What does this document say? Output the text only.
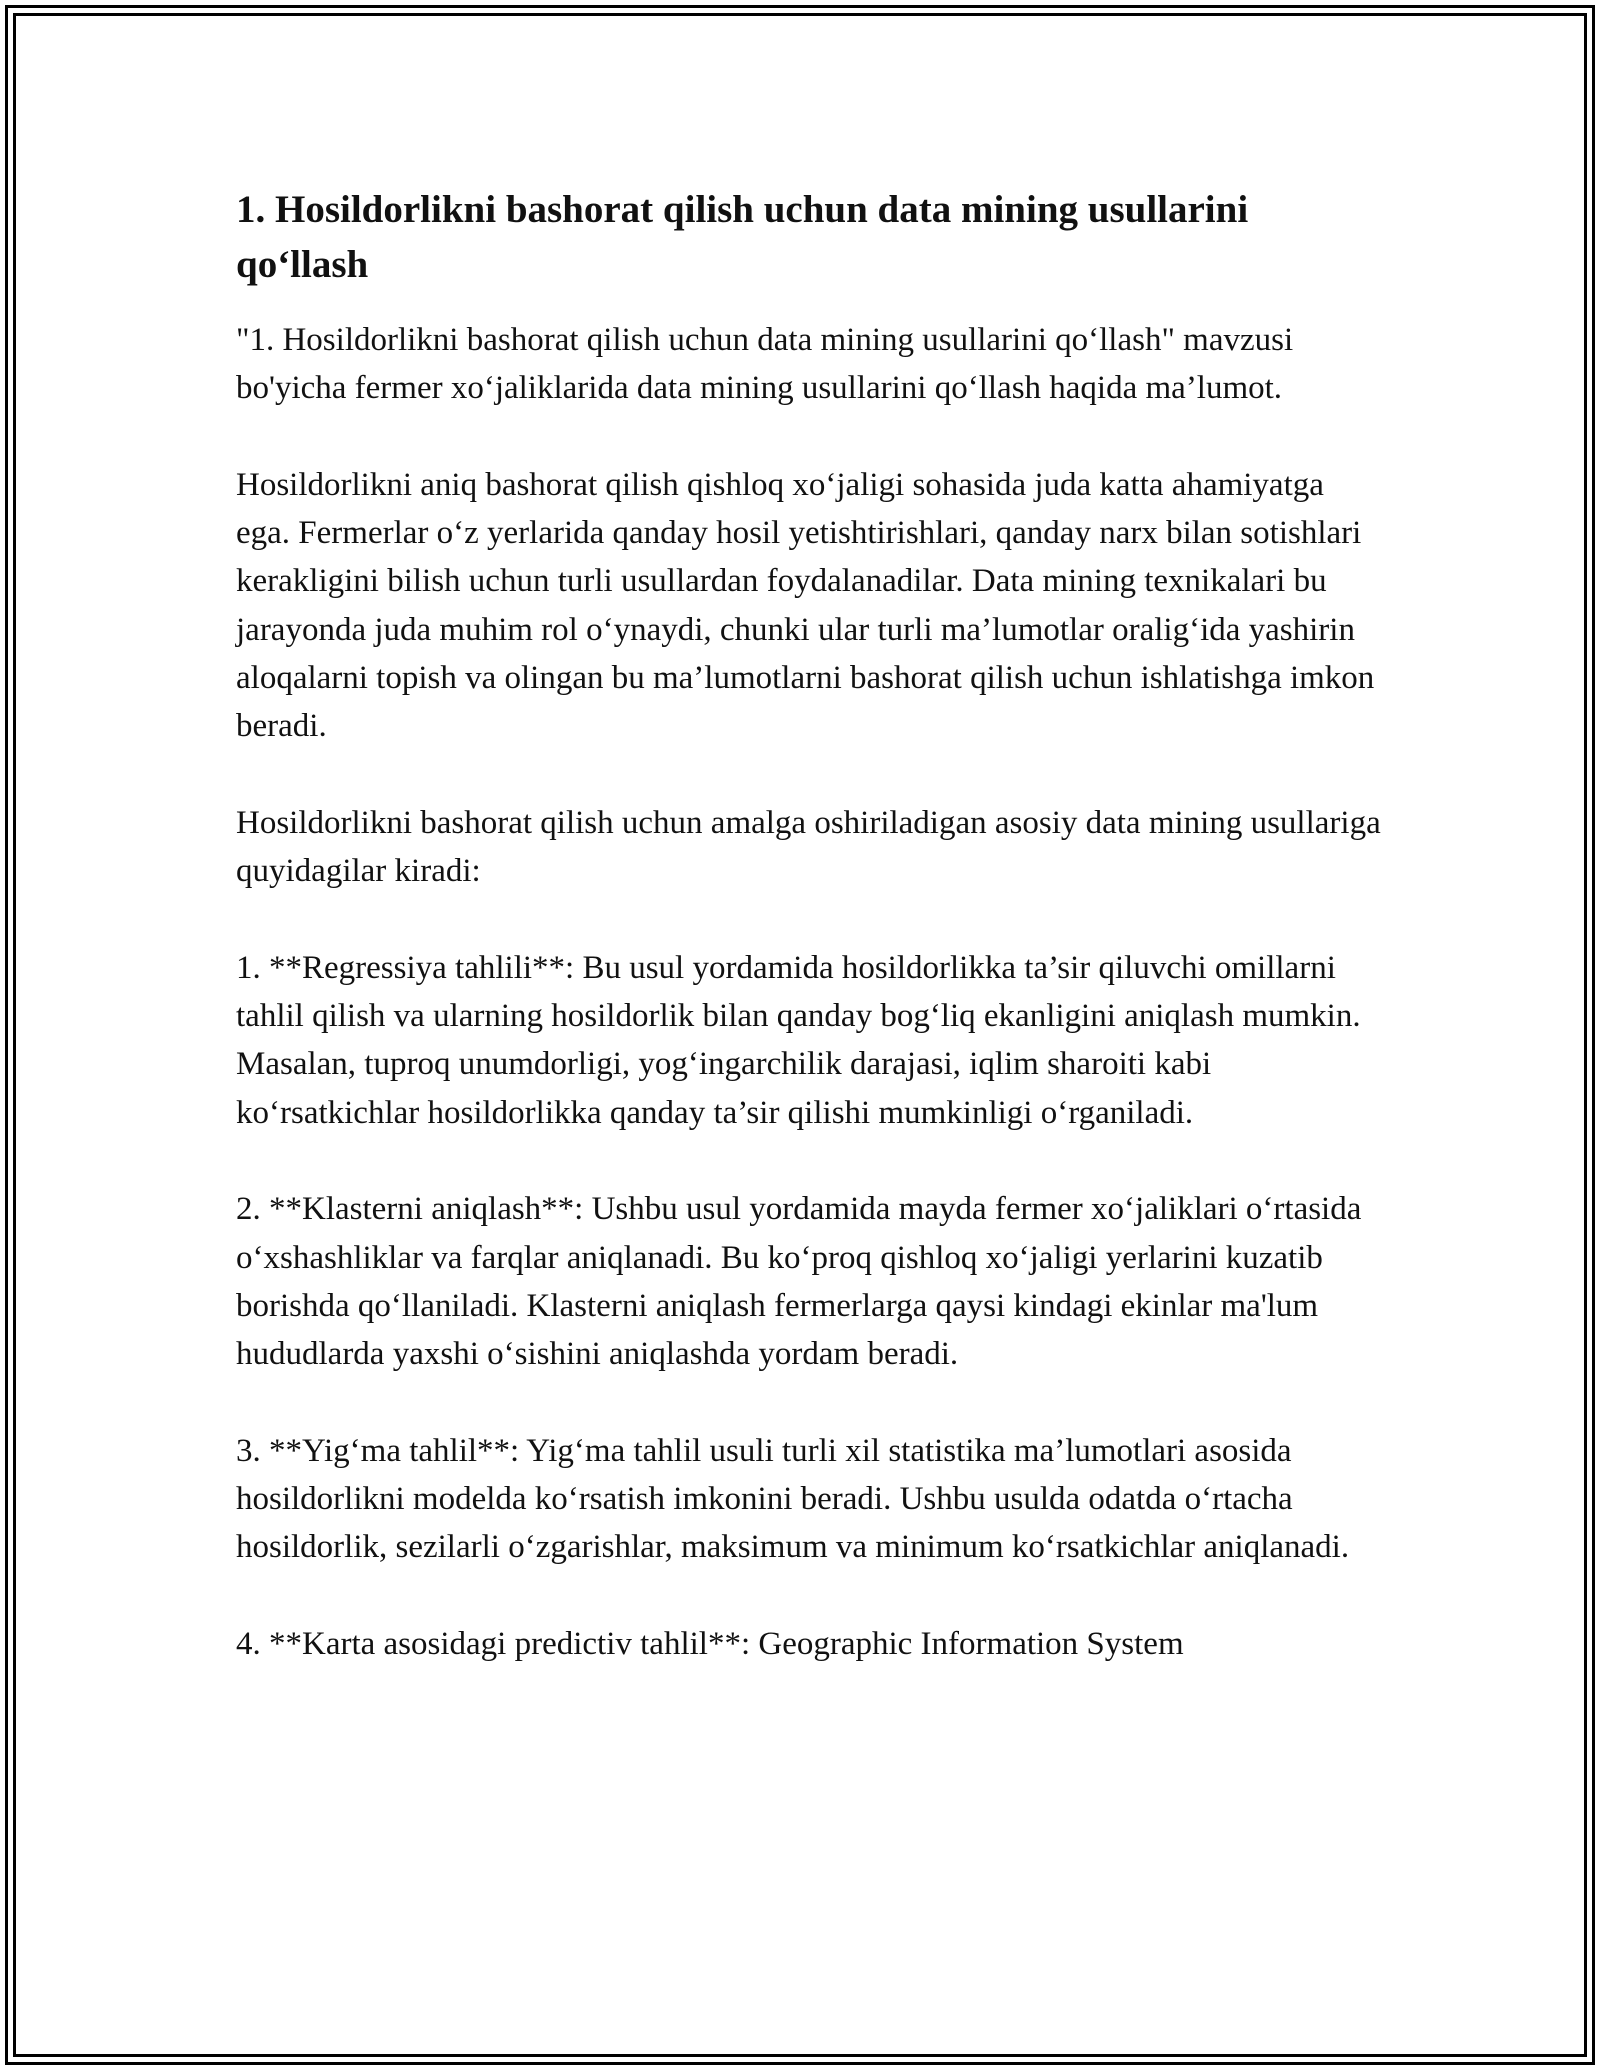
1. Hosildorlikni bashorat qilish uchun data mining usullarini qo‘llash

"1. Hosildorlikni bashorat qilish uchun data mining usullarini qo‘llash" mavzusi bo'yicha fermer xo‘jaliklarida data mining usullarini qo‘llash haqida ma’lumot.

Hosildorlikni aniq bashorat qilish qishloq xo‘jaligi sohasida juda katta ahamiyatga ega. Fermerlar o‘z yerlarida qanday hosil yetishtirishlari, qanday narx bilan sotishlari kerakligini bilish uchun turli usullardan foydalanadilar. Data mining texnikalari bu jarayonda juda muhim rol o‘ynaydi, chunki ular turli ma’lumotlar oralig‘ida yashirin aloqalarni topish va olingan bu ma’lumotlarni bashorat qilish uchun ishlatishga imkon beradi.

Hosildorlikni bashorat qilish uchun amalga oshiriladigan asosiy data mining usullariga quyidagilar kiradi:

1. **Regressiya tahlili**: Bu usul yordamida hosildorlikka ta’sir qiluvchi omillarni tahlil qilish va ularning hosildorlik bilan qanday bog‘liq ekanligini aniqlash mumkin. Masalan, tuproq unumdorligi, yog‘ingarchilik darajasi, iqlim sharoiti kabi ko‘rsatkichlar hosildorlikka qanday ta’sir qilishi mumkinligi o‘rganiladi.

2. **Klasterni aniqlash**: Ushbu usul yordamida mayda fermer xo‘jaliklari o‘rtasida o‘xshashliklar va farqlar aniqlanadi. Bu ko‘proq qishloq xo‘jaligi yerlarini kuzatib borishda qo‘llaniladi. Klasterni aniqlash fermerlarga qaysi kindagi ekinlar ma'lum hududlarda yaxshi o‘sishini aniqlashda yordam beradi.

3. **Yig‘ma tahlil**: Yig‘ma tahlil usuli turli xil statistika ma’lumotlari asosida hosildorlikni modelda ko‘rsatish imkonini beradi. Ushbu usulda odatda o‘rtacha hosildorlik, sezilarli o‘zgarishlar, maksimum va minimum ko‘rsatkichlar aniqlanadi.

4. **Karta asosidagi predictiv tahlil**: Geographic Information System
